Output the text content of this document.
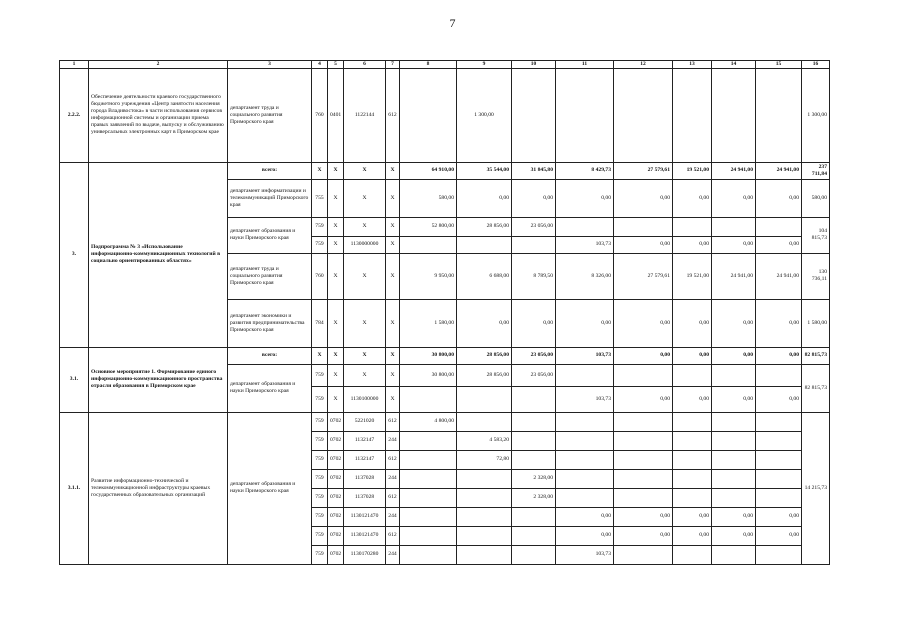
7
1	2	3	4	5	6	7	8	9	10	11	12	13	14	15	16
2.2.2.	Обеспечение деятельности краевого государственного бюджетного учреждения «Центр занятости населения города Владивостока» в части использования сервисов информационной системы и организации приема правых заявлений по выдаче, выпуску и обслуживанию универсальных электронных карт в Приморском крае	департамент труда и социального развития Приморского края	760	0401	1122144	612		1 300,00							1 300,00
3.	Подпрограмма № 3 «Использование информационно-коммуникационных технологий в социально ориентированных областях»	всего:	X	X	X	X	64 910,00	35 544,00	31 845,80	8 429,73	27 579,61	19 521,00	24 941,00	24 941,00	237 711,84
		департамент информатизации и телекоммуникаций Приморского края	755	X	X	X	580,00	0,00	0,00	0,00	0,00	0,00	0,00	0,00	580,00
		департамент образования и науки Приморского края	759	X	X	X	52 800,00	28 856,00	23 056,00						104 815,73
			759	X	1130000000	X				103,73	0,00	0,00	0,00	0,00	
		департамент труда и социального развития Приморского края	760	X	X	X	9 950,00	6 688,00	8 789,50	8 326,00	27 579,61	19 521,00	24 941,00	24 941,00	130 736,11
		департамент экономики и развития предпринимательства Приморского края	784	X	X	X	1 580,00	0,00	0,00	0,00	0,00	0,00	0,00	0,00	1 580,00
3.1.	Основное мероприятие 1. Формирование единого информационно-коммуникационного пространства отрасли образования в Приморском крае	всего:	X	X	X	X	30 800,00	28 856,00	23 056,00	103,73	0,00	0,00	0,00	0,00	82 815,73
		департамент образования и науки Приморского края	759	X	X	X	30 800,00	28 856,00	23 056,00						82 815,73
			759	X	1130100000	X				103,73	0,00	0,00	0,00	0,00	
3.1.1.	Развитие информационно-технической и телекоммуникационной инфраструктуры краевых государственных образовательных организаций	департамент образования и науки Приморского края	759	0702	5221020	612	4 800,00								14 215,73
			759	0702	1132147	244		4 583,20							
			759	0702	1132147	612		72,80							
			759	0702	1137028	244			2 328,00						
			759	0702	1137028	612			2 328,00						
			759	0702	1130121470	244				0,00	0,00	0,00	0,00	0,00	
			759	0702	1130121470	612				0,00	0,00	0,00	0,00	0,00	
			759	0702	1130170280	244				103,73					
